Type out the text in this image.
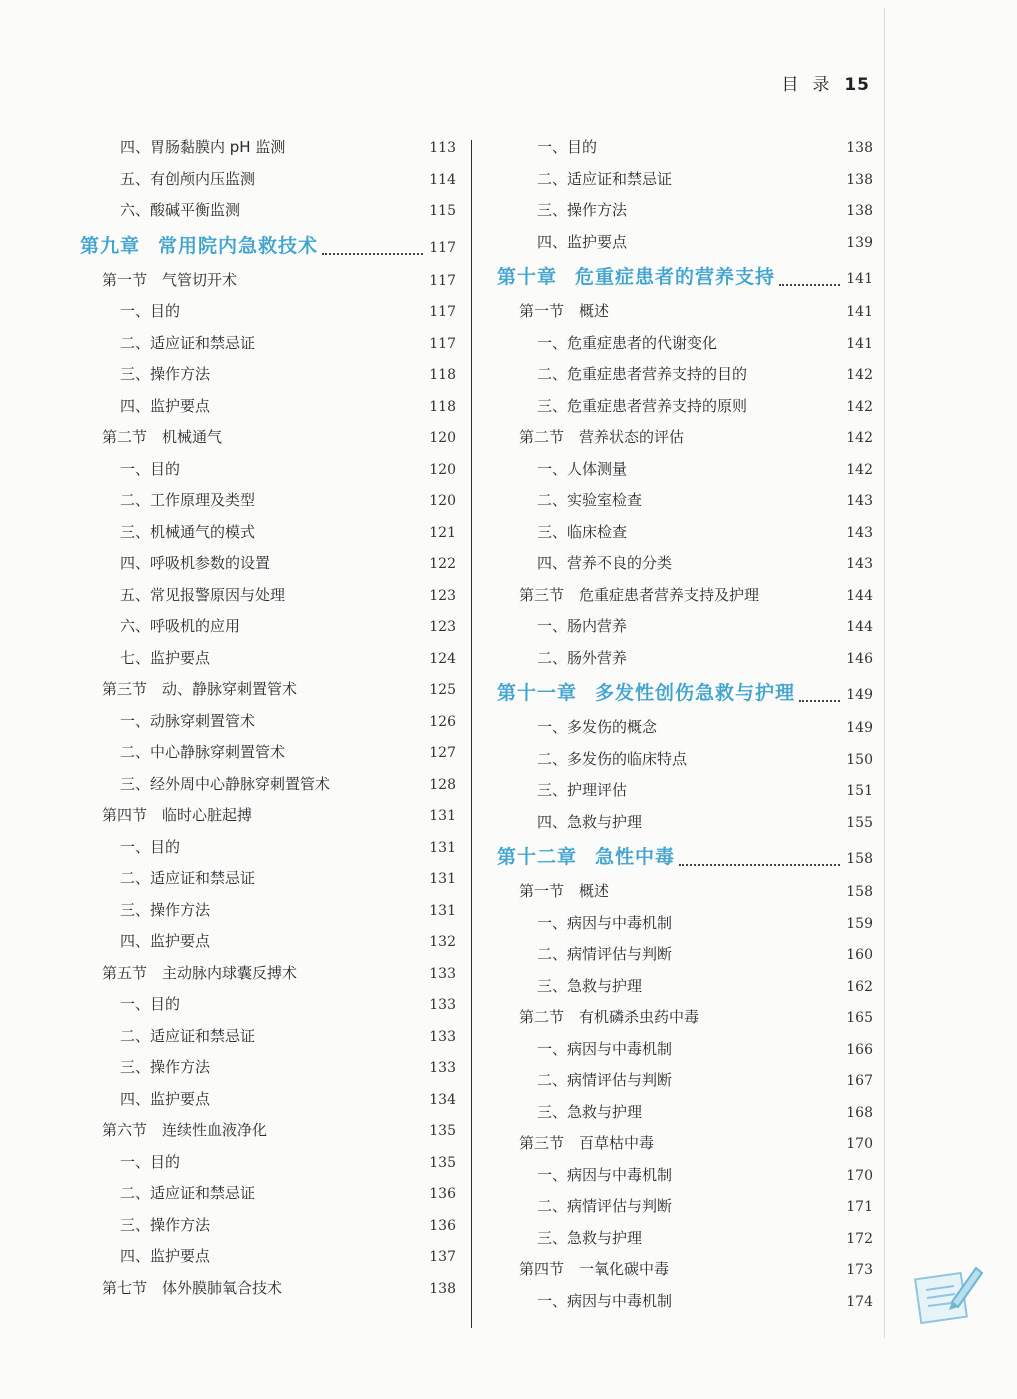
目  录 15
四、胃肠黏膜内 pH 监测	113
五、有创颅内压监测	114
六、酸碱平衡监测	115
第九章 常用院内急救技术	117
第一节　气管切开术	117
一、目的	117
二、适应证和禁忌证	117
三、操作方法	118
四、监护要点	118
第二节　机械通气	120
一、目的	120
二、工作原理及类型	120
三、机械通气的模式	121
四、呼吸机参数的设置	122
五、常见报警原因与处理	123
六、呼吸机的应用	123
七、监护要点	124
第三节　动、静脉穿刺置管术	125
一、动脉穿刺置管术	126
二、中心静脉穿刺置管术	127
三、经外周中心静脉穿刺置管术	128
第四节　临时心脏起搏	131
一、目的	131
二、适应证和禁忌证	131
三、操作方法	131
四、监护要点	132
第五节　主动脉内球囊反搏术	133
一、目的	133
二、适应证和禁忌证	133
三、操作方法	133
四、监护要点	134
第六节　连续性血液净化	135
一、目的	135
二、适应证和禁忌证	136
三、操作方法	136
四、监护要点	137
第七节　体外膜肺氧合技术	138
一、目的	138
二、适应证和禁忌证	138
三、操作方法	138
四、监护要点	139
第十章 危重症患者的营养支持	141
第一节　概述	141
一、危重症患者的代谢变化	141
二、危重症患者营养支持的目的	142
三、危重症患者营养支持的原则	142
第二节　营养状态的评估	142
一、人体测量	142
二、实验室检查	143
三、临床检查	143
四、营养不良的分类	143
第三节　危重症患者营养支持及护理	144
一、肠内营养	144
二、肠外营养	146
第十一章 多发性创伤急救与护理	149
一、多发伤的概念	149
二、多发伤的临床特点	150
三、护理评估	151
四、急救与护理	155
第十二章 急性中毒	158
第一节　概述	158
一、病因与中毒机制	159
二、病情评估与判断	160
三、急救与护理	162
第二节　有机磷杀虫药中毒	165
一、病因与中毒机制	166
二、病情评估与判断	167
三、急救与护理	168
第三节　百草枯中毒	170
一、病因与中毒机制	170
二、病情评估与判断	171
三、急救与护理	172
第四节　一氧化碳中毒	173
一、病因与中毒机制	174
